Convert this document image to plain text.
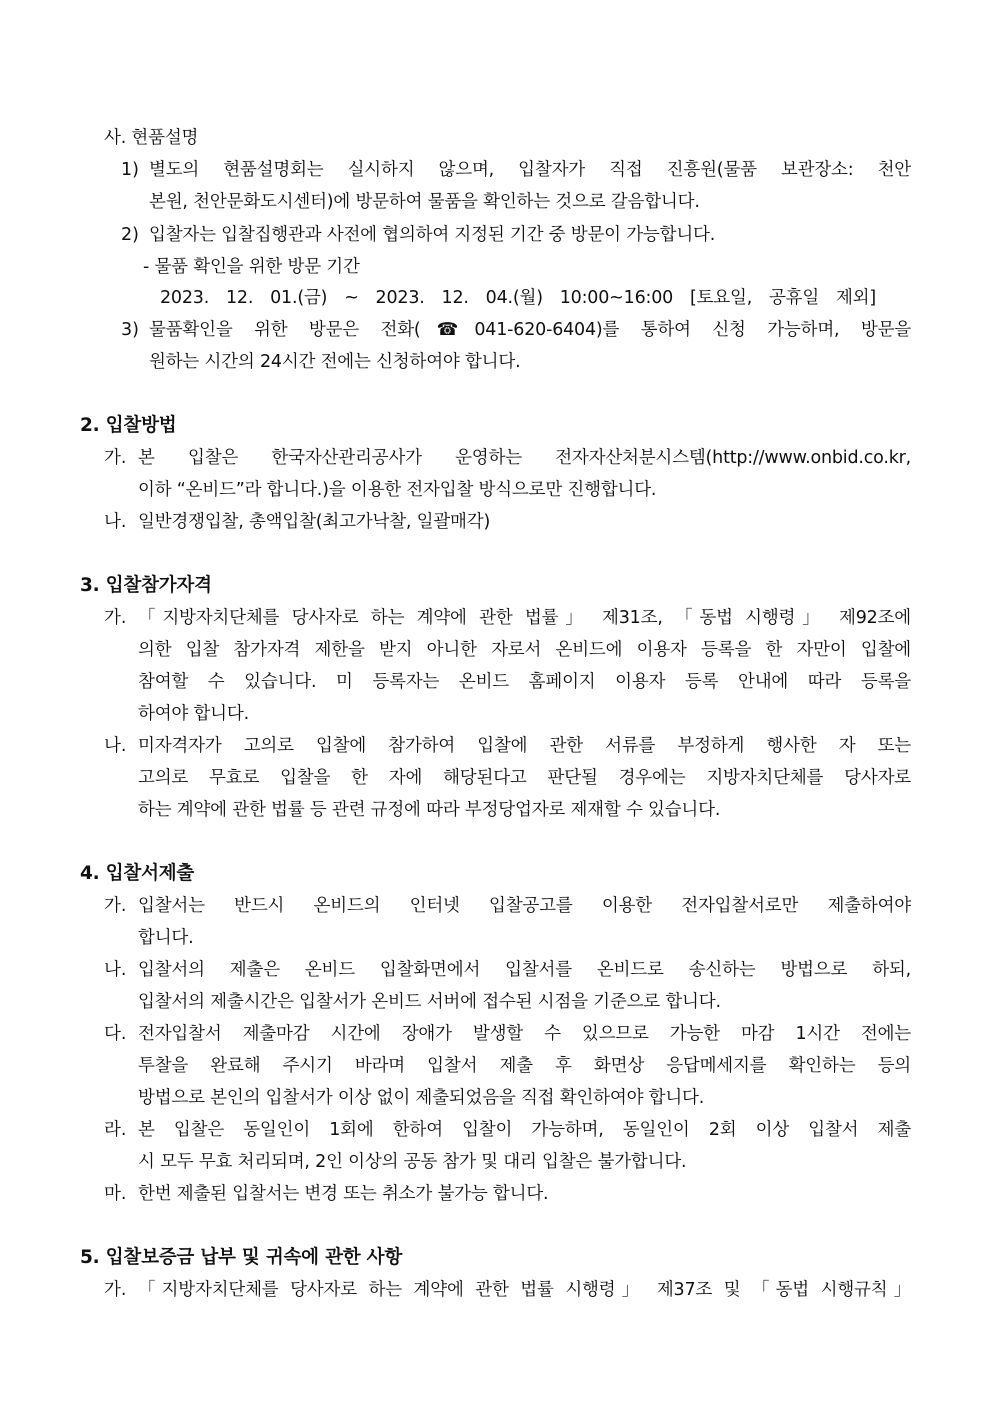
사. 현품설명
1) 별도의 현품설명회는 실시하지 않으며, 입찰자가 직접 진흥원(물품 보관장소: 천안
본원, 천안문화도시센터)에 방문하여 물품을 확인하는 것으로 갈음합니다.
2) 입찰자는 입찰집행관과 사전에 협의하여 지정된 기간 중 방문이 가능합니다.
- 물품 확인을 위한 방문 기간
2023. 12. 01.(금) ~ 2023. 12. 04.(월) 10:00~16:00 [토요일, 공휴일 제외]
3) 물품확인을 위한 방문은 전화(☎041-620-6404)를 통하여 신청 가능하며, 방문을
원하는 시간의 24시간 전에는 신청하여야 합니다.
2. 입찰방법
가. 본 입찰은 한국자산관리공사가 운영하는 전자자산처분시스템(http://www.onbid.co.kr,
이하 “온비드”라 합니다.)을 이용한 전자입찰 방식으로만 진행합니다.
나. 일반경쟁입찰, 총액입찰(최고가낙찰, 일괄매각)
3. 입찰참가자격
가. 「지방자치단체를 당사자로 하는 계약에 관한 법률」 제31조, 「동법 시행령」 제92조에
의한 입찰 참가자격 제한을 받지 아니한 자로서 온비드에 이용자 등록을 한 자만이 입찰에
참여할 수 있습니다. 미 등록자는 온비드 홈페이지 이용자 등록 안내에 따라 등록을
하여야 합니다.
나. 미자격자가 고의로 입찰에 참가하여 입찰에 관한 서류를 부정하게 행사한 자 또는
고의로 무효로 입찰을 한 자에 해당된다고 판단될 경우에는 지방자치단체를 당사자로
하는 계약에 관한 법률 등 관련 규정에 따라 부정당업자로 제재할 수 있습니다.
4. 입찰서제출
가. 입찰서는 반드시 온비드의 인터넷 입찰공고를 이용한 전자입찰서로만 제출하여야
합니다.
나. 입찰서의 제출은 온비드 입찰화면에서 입찰서를 온비드로 송신하는 방법으로 하되,
입찰서의 제출시간은 입찰서가 온비드 서버에 접수된 시점을 기준으로 합니다.
다. 전자입찰서 제출마감 시간에 장애가 발생할 수 있으므로 가능한 마감 1시간 전에는
투찰을 완료해 주시기 바라며 입찰서 제출 후 화면상 응답메세지를 확인하는 등의
방법으로 본인의 입찰서가 이상 없이 제출되었음을 직접 확인하여야 합니다.
라. 본 입찰은 동일인이 1회에 한하여 입찰이 가능하며, 동일인이 2회 이상 입찰서 제출
시 모두 무효 처리되며, 2인 이상의 공동 참가 및 대리 입찰은 불가합니다.
마. 한번 제출된 입찰서는 변경 또는 취소가 불가능 합니다.
5. 입찰보증금 납부 및 귀속에 관한 사항
가. 「지방자치단체를 당사자로 하는 계약에 관한 법률 시행령」 제37조 및 「동법 시행규칙」
